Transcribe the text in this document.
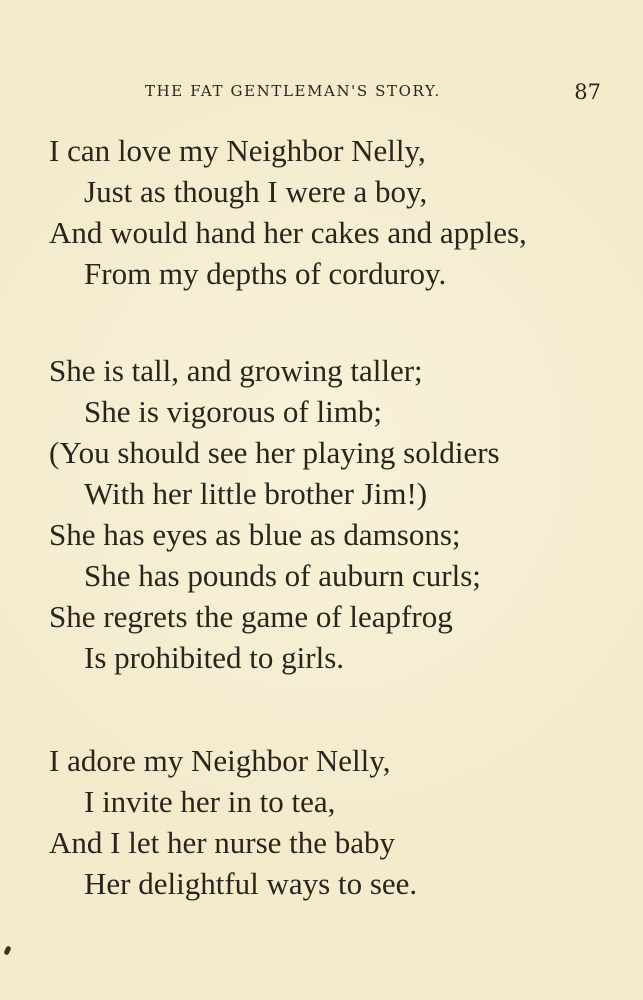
THE FAT GENTLEMAN'S STORY.	87
I can love my Neighbor Nelly,
Just as though I were a boy,
And would hand her cakes and apples,
From my depths of corduroy.
She is tall, and growing taller;
She is vigorous of limb;
(You should see her playing soldiers
With her little brother Jim!)
She has eyes as blue as damsons;
She has pounds of auburn curls;
She regrets the game of leapfrog
Is prohibited to girls.
I adore my Neighbor Nelly,
I invite her in to tea,
And I let her nurse the baby
Her delightful ways to see.
